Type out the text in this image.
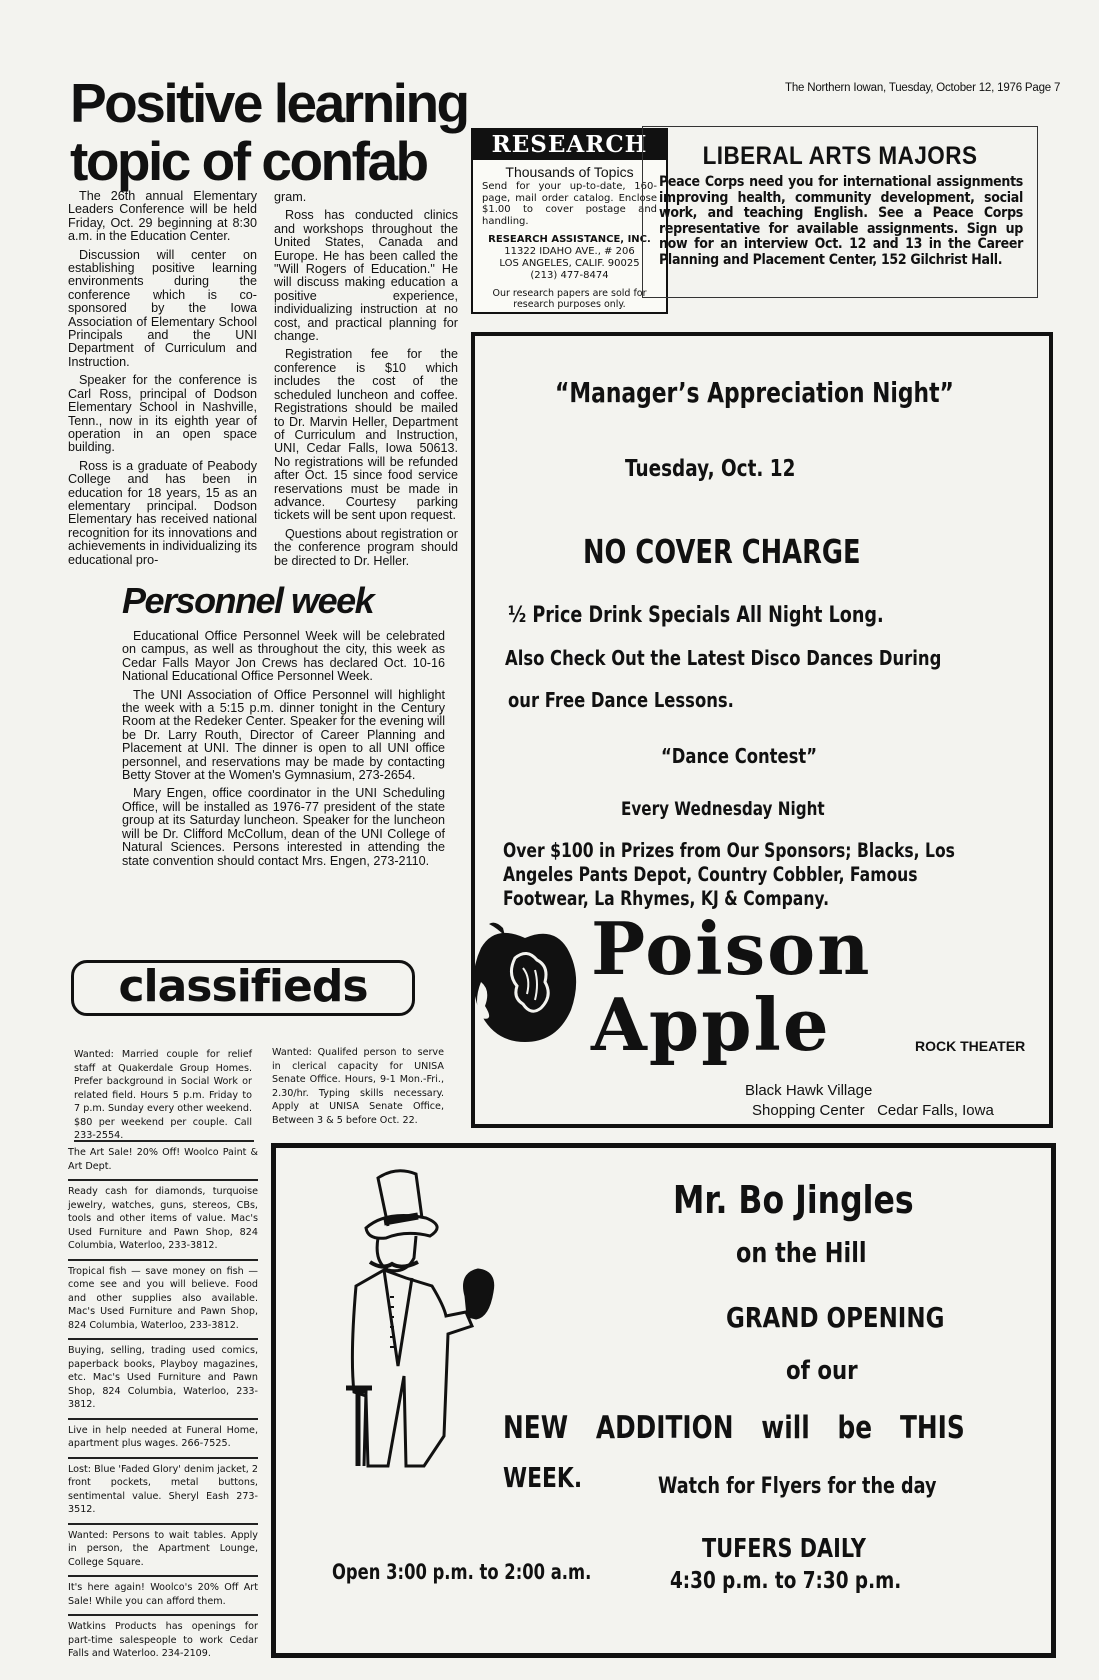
The Northern Iowan, Tuesday, October 12, 1976 Page 7
Positive learning
topic of confab

The 26th annual Elementary Leaders Conference will be held Friday, Oct. 29 beginning at 8:30 a.m. in the Education Center.

Discussion will center on establishing positive learning environments during the conference which is co-sponsored by the Iowa Association of Elementary School Principals and the UNI Department of Curriculum and Instruction.

Speaker for the conference is Carl Ross, principal of Dodson Elementary School in Nashville, Tenn., now in its eighth year of operation in an open space building.

Ross is a graduate of Peabody College and has been in education for 18 years, 15 as an elementary principal. Dodson Elementary has received national recognition for its innovations and achievements in individualizing its educational pro-

gram.

Ross has conducted clinics and workshops throughout the United States, Canada and Europe. He has been called the "Will Rogers of Education." He will discuss making education a positive experience, individualizing instruction at no cost, and practical planning for change.

Registration fee for the conference is $10 which includes the cost of the scheduled luncheon and coffee. Registrations should be mailed to Dr. Marvin Heller, Department of Curriculum and Instruction, UNI, Cedar Falls, Iowa 50613. No registrations will be refunded after Oct. 15 since food service reservations must be made in advance. Courtesy parking tickets will be sent upon request.

Questions about registration or the conference program should be directed to Dr. Heller.

Personnel week

Educational Office Personnel Week will be celebrated on campus, as well as throughout the city, this week as Cedar Falls Mayor Jon Crews has declared Oct. 10-16 National Educational Office Personnel Week.

The UNI Association of Office Personnel will highlight the week with a 5:15 p.m. dinner tonight in the Century Room at the Redeker Center. Speaker for the evening will be Dr. Larry Routh, Director of Career Planning and Placement at UNI. The dinner is open to all UNI office personnel, and reservations may be made by contacting Betty Stover at the Women's Gymnasium, 273-2654.

Mary Engen, office coordinator in the UNI Scheduling Office, will be installed as 1976-77 president of the state group at its Saturday luncheon. Speaker for the luncheon will be Dr. Clifford McCollum, dean of the UNI College of Natural Sciences. Persons interested in attending the state convention should contact Mrs. Engen, 273-2110.

RESEARCH
Thousands of Topics
Send for your up-to-date, 160-page, mail order catalog. Enclose $1.00 to cover postage and handling.
RESEARCH ASSISTANCE, INC.
11322 IDAHO AVE., # 206
LOS ANGELES, CALIF. 90025
(213) 477-8474
Our research papers are sold for research purposes only.
LIBERAL ARTS MAJORS
Peace Corps need you for international assignments improving health, community development, social work, and teaching English. See a Peace Corps representative for available assignments. Sign up now for an interview Oct. 12 and 13 in the Career Planning and Placement Center, 152 Gilchrist Hall.
“Manager’s Appreciation Night”
Tuesday, Oct. 12
NO COVER CHARGE
½ Price Drink Specials All Night Long.
Also Check Out the Latest Disco Dances During
our Free Dance Lessons.
“Dance Contest”
Every Wednesday Night
Over $100 in Prizes from Our Sponsors; Blacks, Los Angeles Pants Depot, Country Cobbler, Famous Footwear, La Rhymes, KJ & Company.
Poison
Apple	ROCK THEATER
Black Hawk Village
Shopping Center   Cedar Falls, Iowa
classifieds
Wanted: Married couple for relief staff at Quakerdale Group Homes. Prefer background in Social Work or related field. Hours 5 p.m. Friday to 7 p.m. Sunday every other weekend. $80 per weekend per couple. Call 233-2554.
Wanted: Qualifed person to serve in clerical capacity for UNISA Senate Office. Hours, 9-1 Mon.-Fri., 2.30/hr. Typing skills necessary. Apply at UNISA Senate Office, Between 3 & 5 before Oct. 22.
The Art Sale! 20% Off! Woolco Paint & Art Dept.
Ready cash for diamonds, turquoise jewelry, watches, guns, stereos, CBs, tools and other items of value. Mac's Used Furniture and Pawn Shop, 824 Columbia, Waterloo, 233-3812.
Tropical fish — save money on fish — come see and you will believe. Food and other supplies also available. Mac's Used Furniture and Pawn Shop, 824 Columbia, Waterloo, 233-3812.
Buying, selling, trading used comics, paperback books, Playboy magazines, etc. Mac's Used Furniture and Pawn Shop, 824 Columbia, Waterloo, 233-3812.
Live in help needed at Funeral Home, apartment plus wages. 266-7525.
Lost: Blue 'Faded Glory' denim jacket, 2 front pockets, metal buttons, sentimental value. Sheryl Eash 273-3512.
Wanted: Persons to wait tables. Apply in person, the Apartment Lounge, College Square.
It's here again! Woolco's 20% Off Art Sale! While you can afford them.
Watkins Products has openings for part-time salespeople to work Cedar Falls and Waterloo. 234-2109.
Mr. Bo Jingles
on the Hill
GRAND OPENING
of our
NEW ADDITION will be THIS
WEEK.	Watch for Flyers for the day
Open 3:00 p.m. to 2:00 a.m.
TUFERS DAILY
4:30 p.m. to 7:30 p.m.
